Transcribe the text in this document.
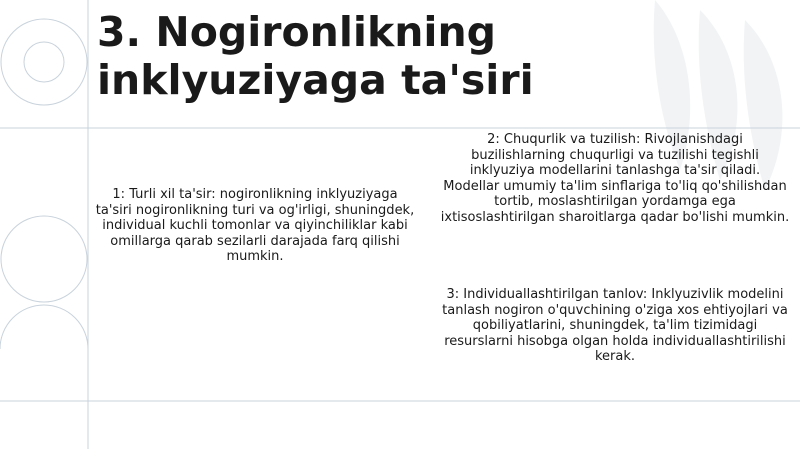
3. Nogironlikning inklyuziyaga ta'siri

1: Turli xil ta'sir: nogironlikning inklyuziyaga ta'siri nogironlikning turi va og'irligi, shuningdek, individual kuchli tomonlar va qiyinchiliklar kabi omillarga qarab sezilarli darajada farq qilishi mumkin.

2: Chuqurlik va tuzilish: Rivojlanishdagi buzilishlarning chuqurligi va tuzilishi tegishli inklyuziya modellarini tanlashga ta'sir qiladi. Modellar umumiy ta'lim sinflariga to'liq qo'shilishdan tortib, moslashtirilgan yordamga ega ixtisoslashtirilgan sharoitlarga qadar bo'lishi mumkin.

3: Individuallashtirilgan tanlov: Inklyuzivlik modelini tanlash nogiron o'quvchining o'ziga xos ehtiyojlari va qobiliyatlarini, shuningdek, ta'lim tizimidagi resurslarni hisobga olgan holda individuallashtirilishi kerak.
